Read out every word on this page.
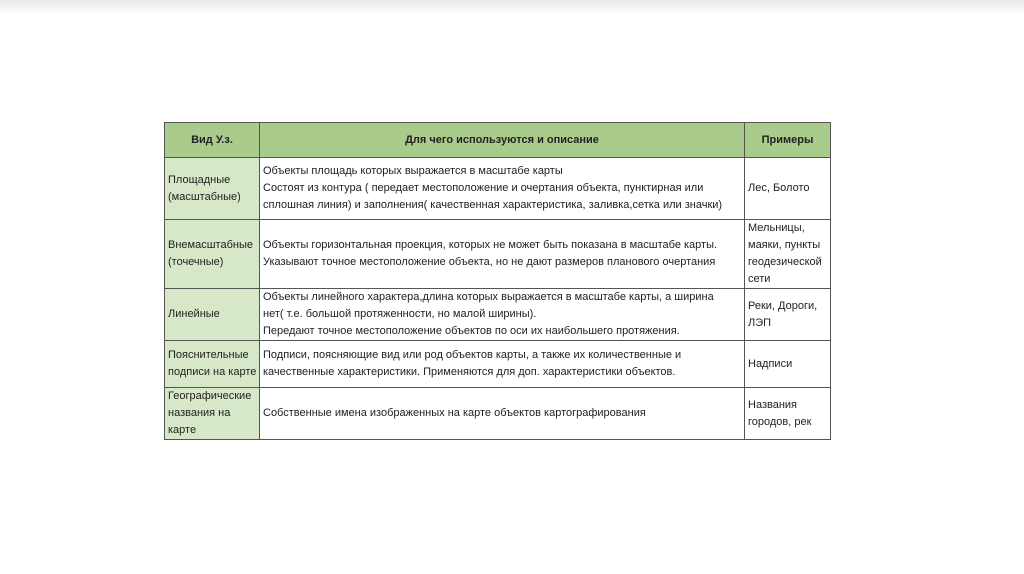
Вид У.з.	Для чего используются и описание	Примеры

Площадные
(масштабные)	Объекты площадь которых выражается в масштабе карты
Состоят из контура ( передает местоположение и очертания объекта, пунктирная или
сплошная линия) и заполнения( качественная характеристика, заливка,сетка или значки)	Лес, Болото

Внемасштабные
(точечные)	Объекты горизонтальная проекция, которых не может быть показана в масштабе карты.
Указывают точное местоположение объекта, но не дают размеров планового очертания	Мельницы,
маяки, пункты
геодезической
сети

Линейные	Объекты линейного характера,длина которых выражается в масштабе карты, а ширина
нет( т.е. большой протяженности, но малой ширины).
Передают точное местоположение объектов по оси их наибольшего протяжения.	Реки, Дороги,
ЛЭП

Пояснительные
подписи на карте	Подписи, поясняющие вид или род объектов карты, а также их количественные и
качественные характеристики. Применяются для доп. характеристики объектов.	Надписи

Географические
названия на
карте	Собственные имена изображенных на карте объектов картографирования	Названия
городов, рек
